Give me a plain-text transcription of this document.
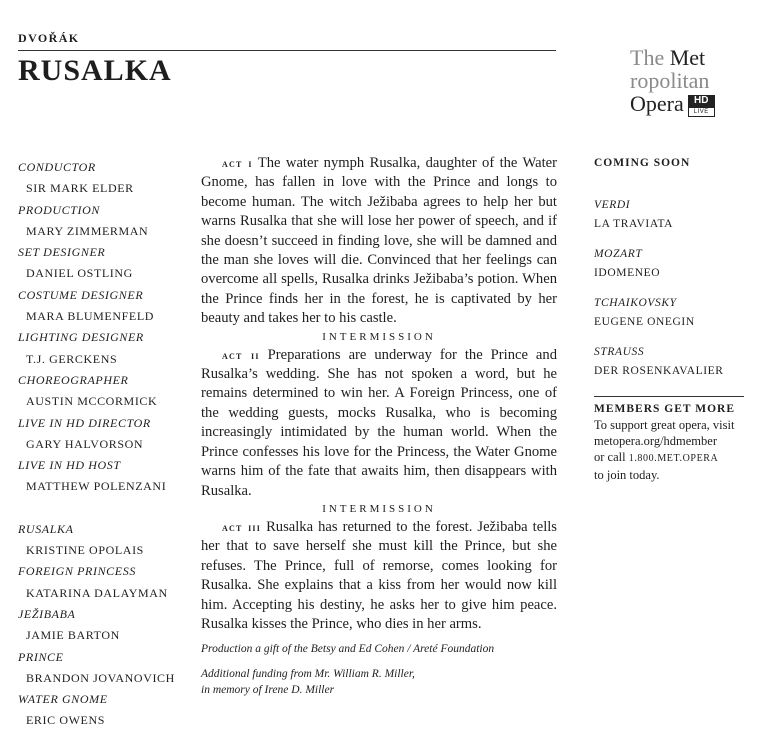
DVOŘÁK
RUSALKA	The Met
ropolitan
Opera	HD
LIVE
CONDUCTOR
SIR MARK ELDER
PRODUCTION
MARY ZIMMERMAN
SET DESIGNER
DANIEL OSTLING
COSTUME DESIGNER
MARA BLUMENFELD
LIGHTING DESIGNER
T.J. GERCKENS
CHOREOGRAPHER
AUSTIN MCCORMICK
LIVE IN HD DIRECTOR
GARY HALVORSON
LIVE IN HD HOST
MATTHEW POLENZANI
RUSALKA
KRISTINE OPOLAIS
FOREIGN PRINCESS
KATARINA DALAYMAN
JEŽIBABA
JAMIE BARTON
PRINCE
BRANDON JOVANOVICH
WATER GNOME
ERIC OWENS

act i The water nymph Rusalka, daughter of the Water Gnome, has fallen in love with the Prince and longs to become human. The witch Ježibaba agrees to help her but warns Rusalka that she will lose her power of speech, and if she doesn’t succeed in finding love, she will be damned and the man she loves will die. Convinced that her feelings can overcome all spells, Rusalka drinks Ježibaba’s potion. When the Prince finds her in the forest, he is captivated by her beauty and takes her to his castle.

INTERMISSION

act ii Preparations are underway for the Prince and Rusalka’s wedding. She has not spoken a word, but he remains determined to win her. A Foreign Princess, one of the wedding guests, mocks Rusalka, who is becoming increasingly intimidated by the human world. When the Prince confesses his love for the Princess, the Water Gnome warns him of the fate that awaits him, then disappears with Rusalka.

INTERMISSION

act iii Rusalka has returned to the forest. Ježibaba tells her that to save herself she must kill the Prince, but she refuses. The Prince, full of remorse, comes looking for Rusalka. She explains that a kiss from her would now kill him. Accepting his destiny, he asks her to give him peace. Rusalka kisses the Prince, who dies in her arms.

Production a gift of the Betsy and Ed Cohen / Areté Foundation

Additional funding from Mr. William R. Miller,

in memory of Irene D. Miller

COMING SOON
VERDI
LA TRAVIATA
MOZART
IDOMENEO
TCHAIKOVSKY
EUGENE ONEGIN
STRAUSS
DER ROSENKAVALIER
MEMBERS GET MORE
To support great opera, visit
metopera.org/hdmember
or call 1.800.MET.OPERA
to join today.
